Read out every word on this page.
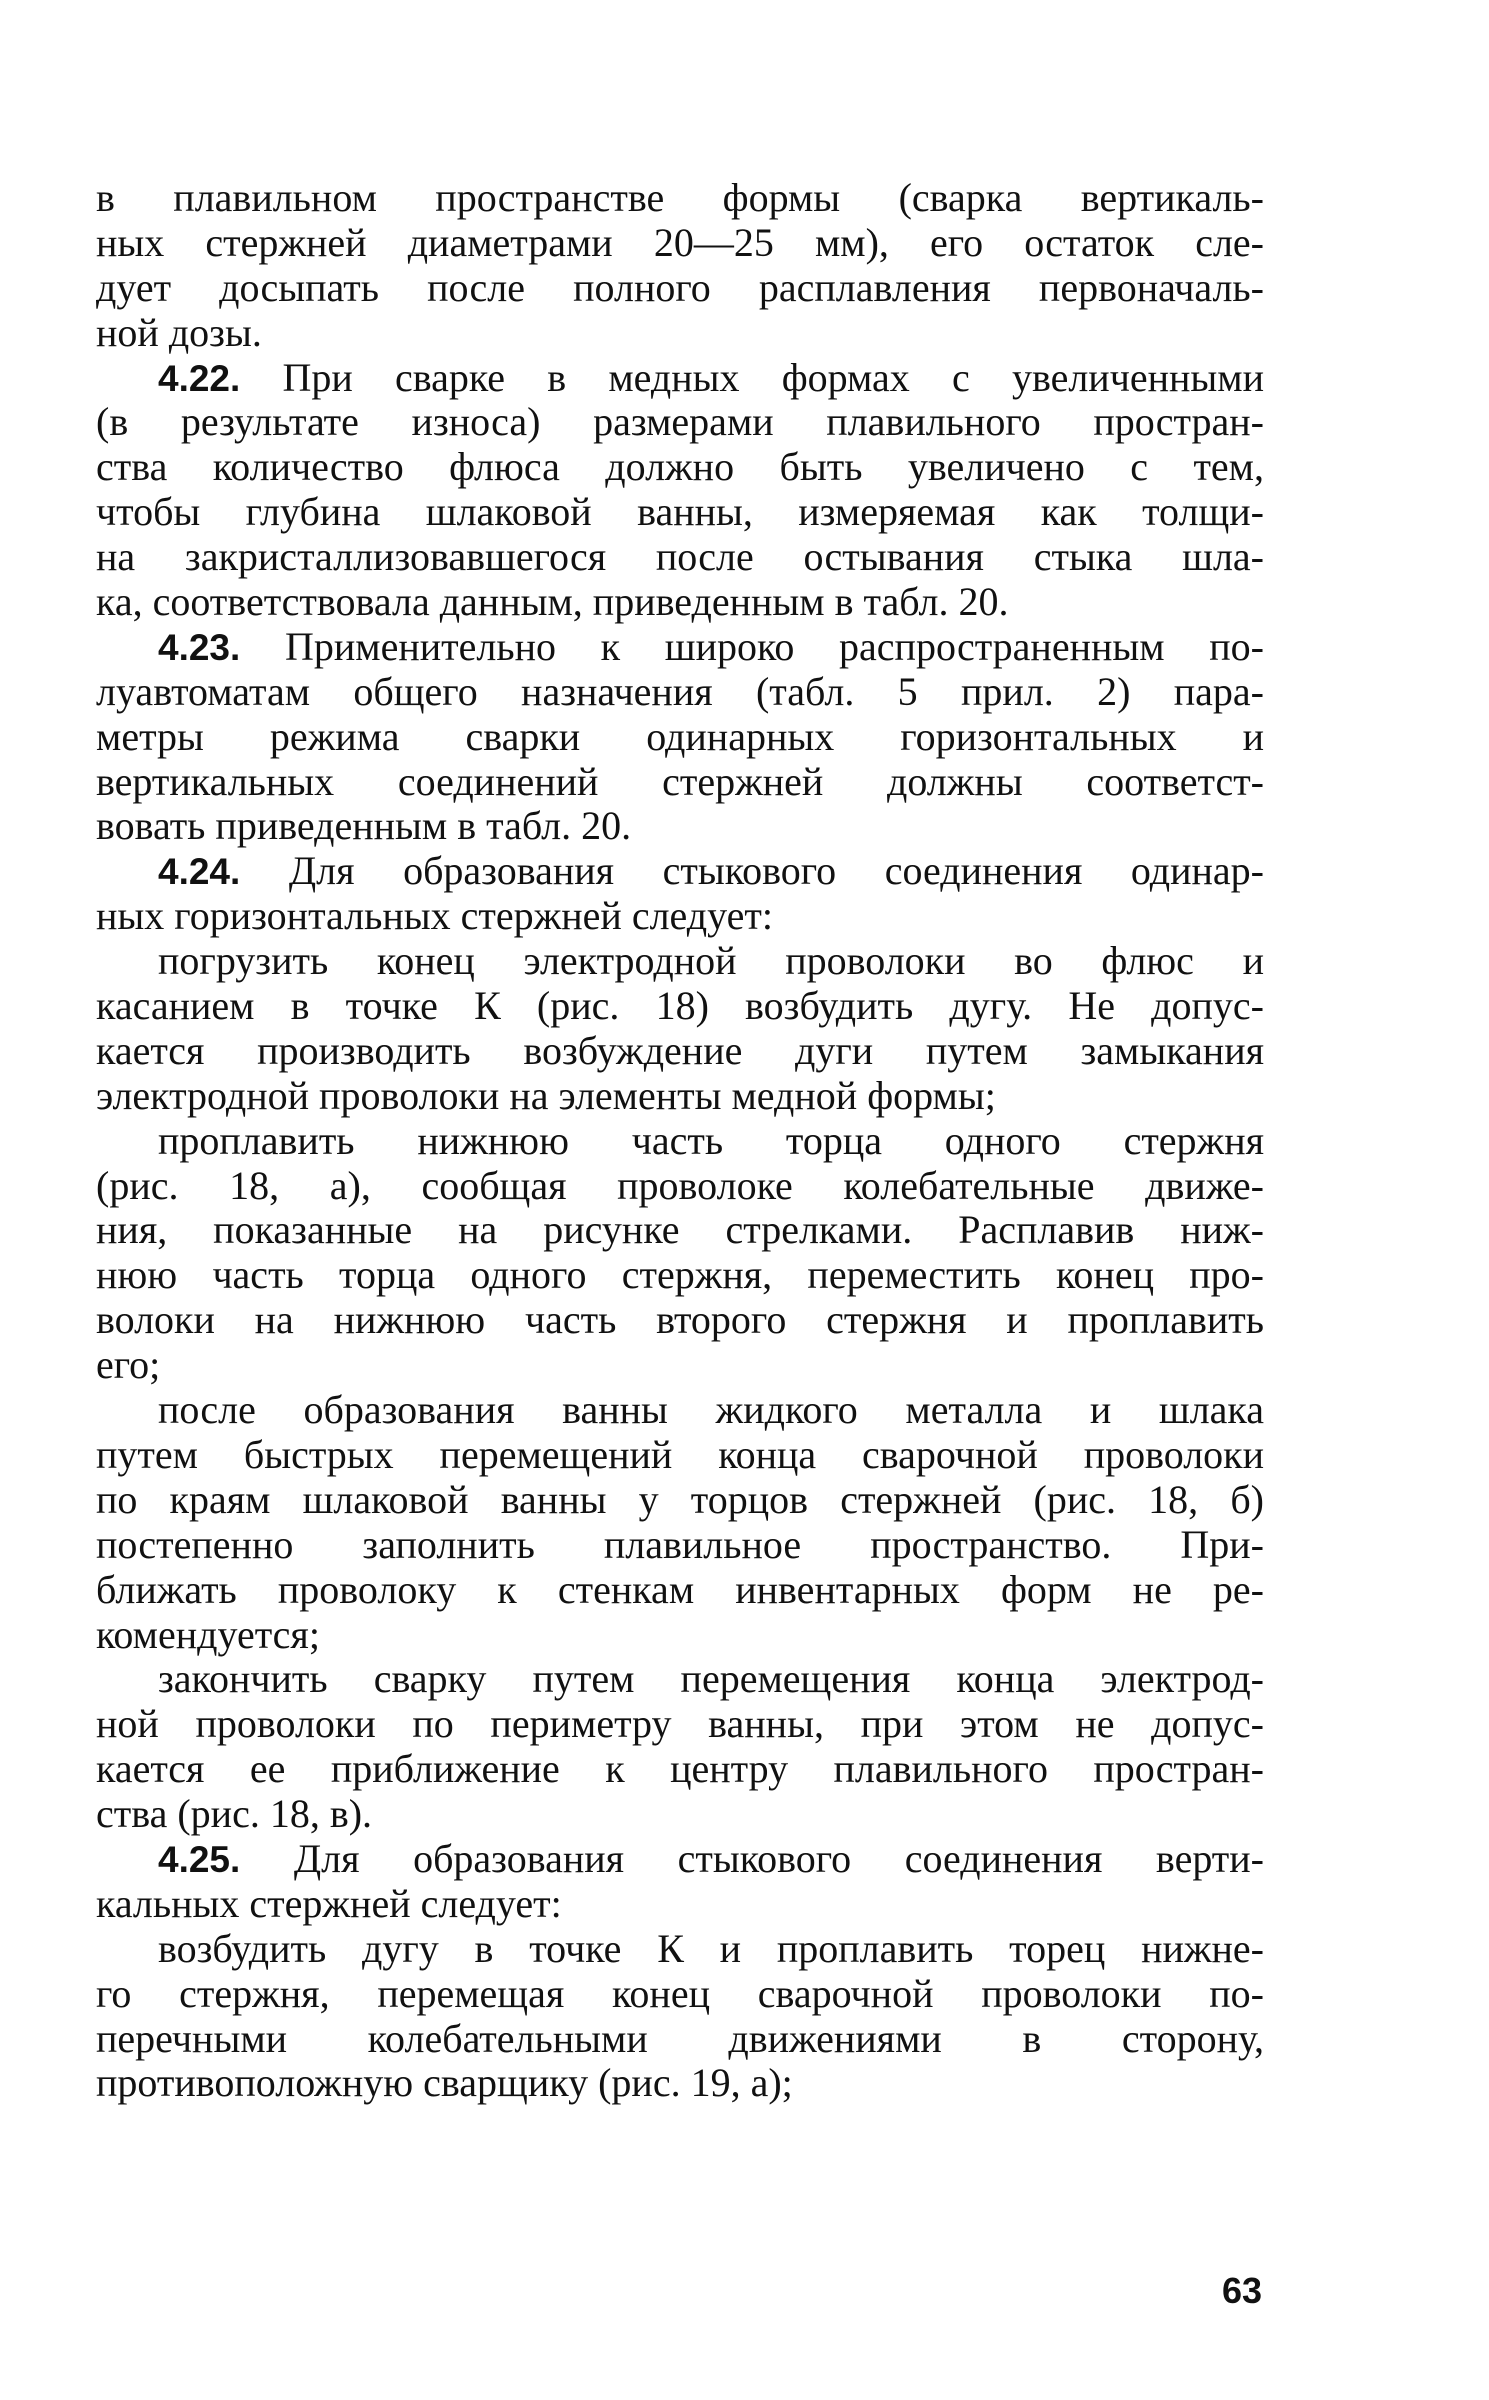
в плавильном пространстве формы (сварка вертикаль-
ных стержней диаметрами 20—25 мм), его остаток сле-
дует досыпать после полного расплавления первоначаль-
ной дозы.
4.22. При сварке в медных формах с увеличенными
(в результате износа) размерами плавильного простран-
ства количество флюса должно быть увеличено с тем,
чтобы глубина шлаковой ванны, измеряемая как толщи-
на закристаллизовавшегося после остывания стыка шла-
ка, соответствовала данным, приведенным в табл. 20.
4.23. Применительно к широко распространенным по-
луавтоматам общего назначения (табл. 5 прил. 2) пара-
метры режима сварки одинарных горизонтальных и
вертикальных соединений стержней должны соответст-
вовать приведенным в табл. 20.
4.24. Для образования стыкового соединения одинар-
ных горизонтальных стержней следует:
погрузить конец электродной проволоки во флюс и
касанием в точке К (рис. 18) возбудить дугу. Не допус-
кается производить возбуждение дуги путем замыкания
электродной проволоки на элементы медной формы;
проплавить нижнюю часть торца одного стержня
(рис. 18, а), сообщая проволоке колебательные движе-
ния, показанные на рисунке стрелками. Расплавив ниж-
нюю часть торца одного стержня, переместить конец про-
волоки на нижнюю часть второго стержня и проплавить
его;
после образования ванны жидкого металла и шлака
путем быстрых перемещений конца сварочной проволоки
по краям шлаковой ванны у торцов стержней (рис. 18, б)
постепенно заполнить плавильное пространство. При-
ближать проволоку к стенкам инвентарных форм не ре-
комендуется;
закончить сварку путем перемещения конца электрод-
ной проволоки по периметру ванны, при этом не допус-
кается ее приближение к центру плавильного простран-
ства (рис. 18, в).
4.25. Для образования стыкового соединения верти-
кальных стержней следует:
возбудить дугу в точке К и проплавить торец нижне-
го стержня, перемещая конец сварочной проволоки по-
перечными колебательными движениями в сторону,
противоположную сварщику (рис. 19, а);
63
